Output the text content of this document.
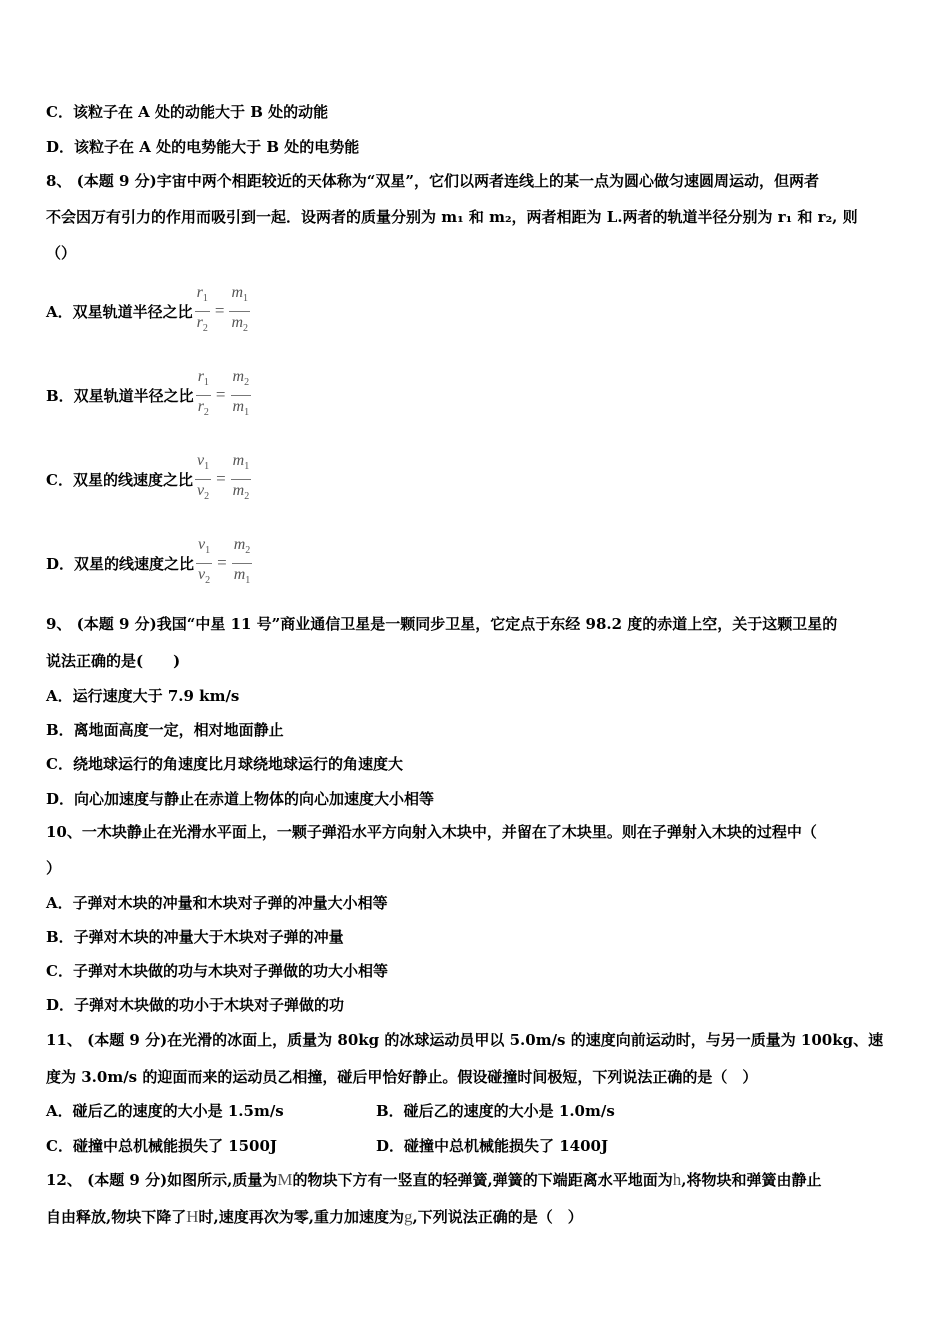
C．该粒子在 A 处的动能大于 B 处的动能
D．该粒子在 A 处的电势能大于 B 处的电势能
8、 (本题 9 分)宇宙中两个相距较近的天体称为“双星”，它们以两者连线上的某一点为圆心做匀速圆周运动，但两者
不会因万有引力的作用而吸引到一起．设两者的质量分别为 m₁ 和 m₂，两者相距为 L.两者的轨道半径分别为 r₁ 和 r₂, 则
（）
A．双星轨道半径之比
$r_1$
$r_2$
=
$m_1$
$m_2$
B．双星轨道半径之比
$r_1$
$r_2$
=
$m_2$
$m_1$
C．双星的线速度之比
$v_1$
$v_2$
=
$m_1$
$m_2$
D．双星的线速度之比
$v_1$
$v_2$
=
$m_2$
$m_1$
9、 (本题 9 分)我国“中星 11 号”商业通信卫星是一颗同步卫星，它定点于东经 98.2 度的赤道上空，关于这颗卫星的
说法正确的是(　　)
A．运行速度大于 7.9 km/s
B．离地面高度一定，相对地面静止
C．绕地球运行的角速度比月球绕地球运行的角速度大
D．向心加速度与静止在赤道上物体的向心加速度大小相等
10、一木块静止在光滑水平面上，一颗子弹沿水平方向射入木块中，并留在了木块里。则在子弹射入木块的过程中（
）
A．子弹对木块的冲量和木块对子弹的冲量大小相等
B．子弹对木块的冲量大于木块对子弹的冲量
C．子弹对木块做的功与木块对子弹做的功大小相等
D．子弹对木块做的功小于木块对子弹做的功
11、 (本题 9 分)在光滑的冰面上，质量为 80kg 的冰球运动员甲以 5.0m/s 的速度向前运动时，与另一质量为 100kg、速
度为 3.0m/s 的迎面而来的运动员乙相撞，碰后甲恰好静止。假设碰撞时间极短，下列说法正确的是（　）
A．碰后乙的速度的大小是 1.5m/s	B．碰后乙的速度的大小是 1.0m/s
C．碰撞中总机械能损失了 1500J	D．碰撞中总机械能损失了 1400J
12、 (本题 9 分)如图所示,质量为M的物块下方有一竖直的轻弹簧,弹簧的下端距离水平地面为h,将物块和弹簧由静止
自由释放,物块下降了H时,速度再次为零,重力加速度为g,下列说法正确的是（　）
